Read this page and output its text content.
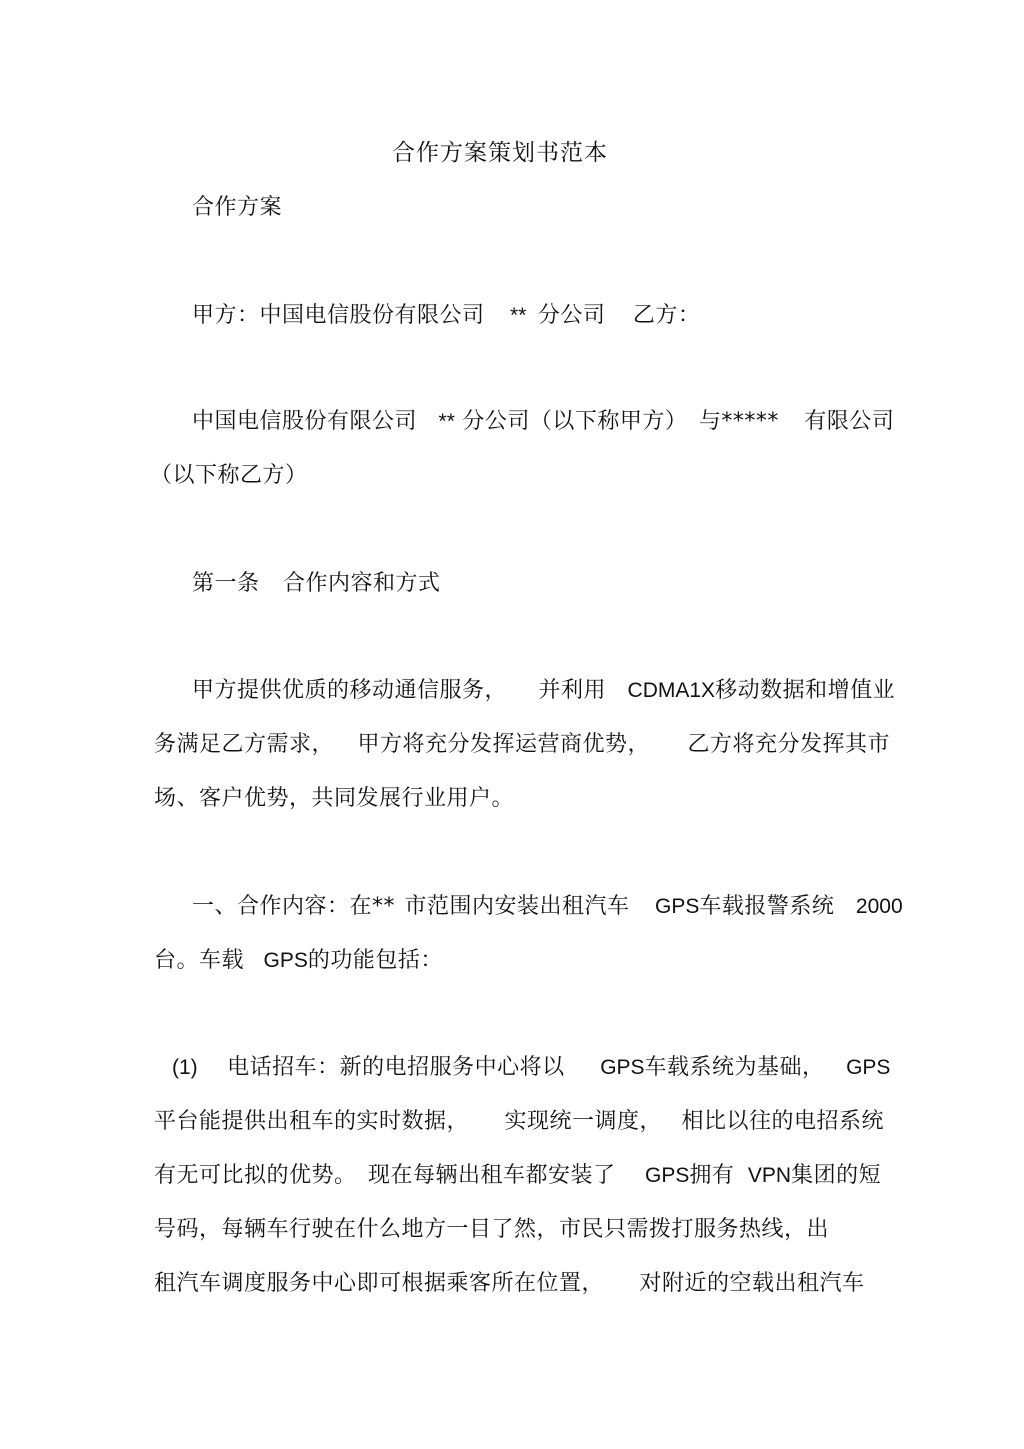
合作方案策划书范本
合作方案
甲方：中国电信股份有限公司 ** 分公司 乙方：
中国电信股份有限公司 ** 分公司（以下称甲方） 与***** 有限公司
（以下称乙方）
第一条 合作内容和方式
甲方提供优质的移动通信服务， 并利用 CDMA1X移动数据和增值业
务满足乙方需求， 甲方将充分发挥运营商优势， 乙方将充分发挥其市
场、客户优势，共同发展行业用户。
一、合作内容：在** 市范围内安装出租汽车 GPS车载报警系统 2000
台。车载 GPS的功能包括：
(1) 电话招车：新的电招服务中心将以 GPS车载系统为基础， GPS
平台能提供出租车的实时数据， 实现统一调度， 相比以往的电招系统
有无可比拟的优势。 现在每辆出租车都安装了 GPS拥有 VPN集团的短
号码，每辆车行驶在什么地方一目了然，市民只需拨打服务热线，出
租汽车调度服务中心即可根据乘客所在位置， 对附近的空载出租汽车
